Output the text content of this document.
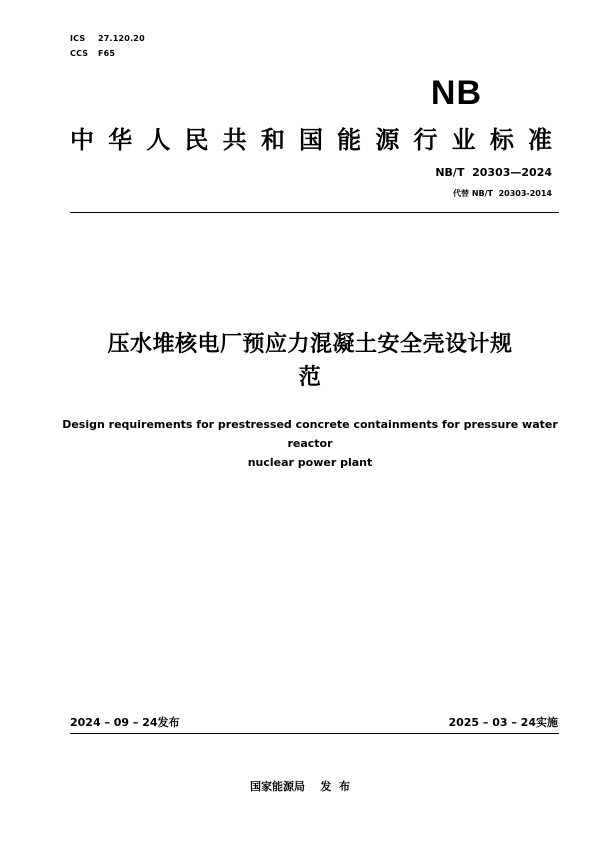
ICS 27.120.20
CCS F65
NB
中华人民共和国能源行业标准
NB/T  20303—2024
代替 NB/T  20303-2014
压水堆核电厂预应力混凝土安全壳设计规
范
Design requirements for prestressed concrete containments for pressure water reactor
nuclear power plant
2024 – 09 – 24发布	2025 – 03 – 24实施
国家能源局    发  布
